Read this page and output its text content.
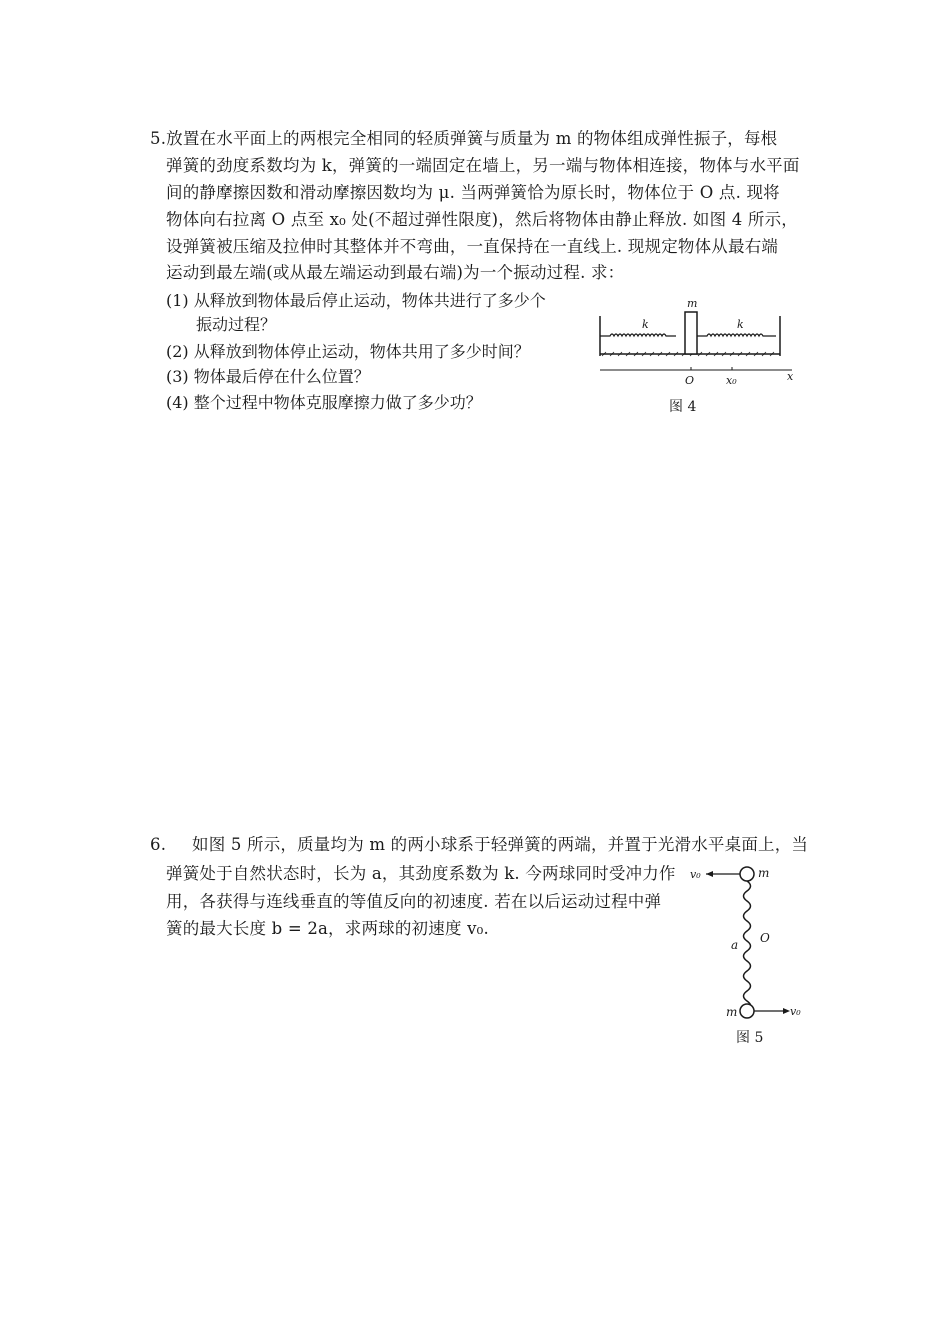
5.放置在水平面上的两根完全相同的轻质弹簧与质量为 m 的物体组成弹性振子，每根
弹簧的劲度系数均为 k，弹簧的一端固定在墙上，另一端与物体相连接，物体与水平面
间的静摩擦因数和滑动摩擦因数均为 μ. 当两弹簧恰为原长时，物体位于 O 点. 现将
物体向右拉离 O 点至 x₀ 处(不超过弹性限度)，然后将物体由静止释放. 如图 4 所示，
设弹簧被压缩及拉伸时其整体并不弯曲，一直保持在一直线上. 现规定物体从最右端
运动到最左端(或从最左端运动到最右端)为一个振动过程. 求：
(1) 从释放到物体最后停止运动，物体共进行了多少个
振动过程？
(2) 从释放到物体停止运动，物体共用了多少时间？
(3) 物体最后停在什么位置？
(4) 整个过程中物体克服摩擦力做了多少功？
m
k	k
O	x₀	x
图 4
6. 如图 5 所示，质量均为 m 的两小球系于轻弹簧的两端，并置于光滑水平桌面上，当
弹簧处于自然状态时，长为 a，其劲度系数为 k. 今两球同时受冲力作
用，各获得与连线垂直的等值反向的初速度. 若在以后运动过程中弹
簧的最大长度 b = 2a，求两球的初速度 v₀.
v₀	m
O
a
m	v₀
图 5
